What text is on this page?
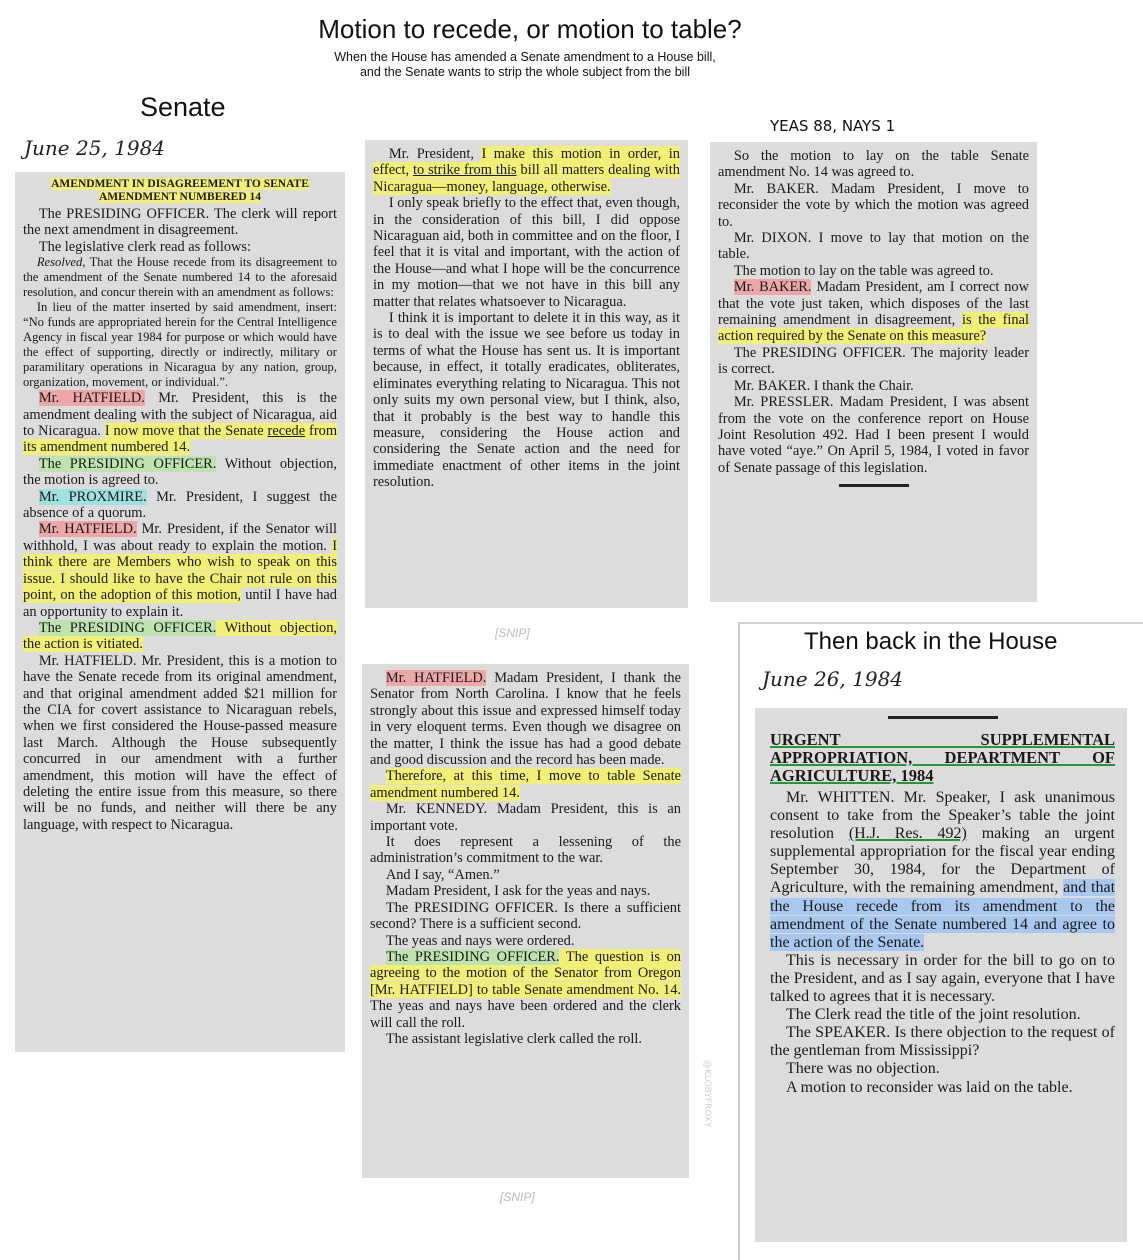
Motion to recede, or motion to table?
When the House has amended a Senate amendment to a House bill,
and the Senate wants to strip the whole subject from the bill
Senate
June 25, 1984
AMENDMENT IN DISAGREEMENT TO SENATE
AMENDMENT NUMBERED 14

The PRESIDING OFFICER. The clerk will report the next amendment in disagreement.

The legislative clerk read as follows:

Resolved, That the House recede from its disagreement to the amendment of the Senate numbered 14 to the aforesaid resolution, and concur therein with an amendment as follows:

In lieu of the matter inserted by said amendment, insert: “No funds are appropriated herein for the Central Intelligence Agency in fiscal year 1984 for purpose or which would have the effect of supporting, directly or indirectly, military or paramilitary operations in Nicaragua by any nation, group, organization, movement, or individual.”.

Mr. HATFIELD. Mr. President, this is the amendment dealing with the subject of Nicaragua, aid to Nicaragua. I now move that the Senate recede from its amendment numbered 14.

The PRESIDING OFFICER. Without objection, the motion is agreed to.

Mr. PROXMIRE. Mr. President, I suggest the absence of a quorum.

Mr. HATFIELD. Mr. President, if the Senator will withhold, I was about ready to explain the motion. I think there are Members who wish to speak on this issue. I should like to have the Chair not rule on this point, on the adoption of this motion, until I have had an opportunity to explain it.

The PRESIDING OFFICER. Without objection, the action is vitiated.

Mr. HATFIELD. Mr. President, this is a motion to have the Senate recede from its original amendment, and that original amendment added $21 million for the CIA for covert assistance to Nicaraguan rebels, when we first considered the House-passed measure last March. Although the House subsequently concurred in our amendment with a further amendment, this motion will have the effect of deleting the entire issue from this measure, so there will be no funds, and neither will there be any language, with respect to Nicaragua.

Mr. President, I make this motion in order, in effect, to strike from this bill all matters dealing with Nicaragua—money, language, otherwise.

I only speak briefly to the effect that, even though, in the consideration of this bill, I did oppose Nicaraguan aid, both in committee and on the floor, I feel that it is vital and important, with the action of the House—and what I hope will be the concurrence in my motion—that we not have in this bill any matter that relates whatsoever to Nicaragua.

I think it is important to delete it in this way, as it is to deal with the issue we see before us today in terms of what the House has sent us. It is important because, in effect, it totally eradicates, obliterates, eliminates everything relating to Nicaragua. This not only suits my own personal view, but I think, also, that it probably is the best way to handle this measure, considering the House action and considering the Senate action and the need for immediate enactment of other items in the joint resolution.

[SNIP]

Mr. HATFIELD. Madam President, I thank the Senator from North Carolina. I know that he feels strongly about this issue and expressed himself today in very eloquent terms. Even though we disagree on the matter, I think the issue has had a good debate and good discussion and the record has been made.

Therefore, at this time, I move to table Senate amendment numbered 14.

Mr. KENNEDY. Madam President, this is an important vote.

It does represent a lessening of the administration’s commitment to the war.

And I say, “Amen.”

Madam President, I ask for the yeas and nays.

The PRESIDING OFFICER. Is there a sufficient second? There is a sufficient second.

The yeas and nays were ordered.

The PRESIDING OFFICER. The question is on agreeing to the motion of the Senator from Oregon [Mr. HATFIELD] to table Senate amendment No. 14. The yeas and nays have been ordered and the clerk will call the roll.

The assistant legislative clerk called the roll.

[SNIP]
@KLOBYFROXY
YEAS 88, NAYS 1

So the motion to lay on the table Senate amendment No. 14 was agreed to.

Mr. BAKER. Madam President, I move to reconsider the vote by which the motion was agreed to.

Mr. DIXON. I move to lay that motion on the table.

The motion to lay on the table was agreed to.

Mr. BAKER. Madam President, am I correct now that the vote just taken, which disposes of the last remaining amendment in disagreement, is the final action required by the Senate on this measure?

The PRESIDING OFFICER. The majority leader is correct.

Mr. BAKER. I thank the Chair.

Mr. PRESSLER. Madam President, I was absent from the vote on the conference report on House Joint Resolution 492. Had I been present I would have voted “aye.” On April 5, 1984, I voted in favor of Senate passage of this legislation.

Then back in the House
June 26, 1984
URGENT SUPPLEMENTAL APPROPRIATION, DEPARTMENT OF AGRICULTURE, 1984

Mr. WHITTEN. Mr. Speaker, I ask unanimous consent to take from the Speaker’s table the joint resolution (H.J. Res. 492) making an urgent supplemental appropriation for the fiscal year ending September 30, 1984, for the Department of Agriculture, with the remaining amendment, and that the House recede from its amendment to the amendment of the Senate numbered 14 and agree to the action of the Senate.

This is necessary in order for the bill to go on to the President, and as I say again, everyone that I have talked to agrees that it is necessary.

The Clerk read the title of the joint resolution.

The SPEAKER. Is there objection to the request of the gentleman from Mississippi?

There was no objection.

A motion to reconsider was laid on the table.
